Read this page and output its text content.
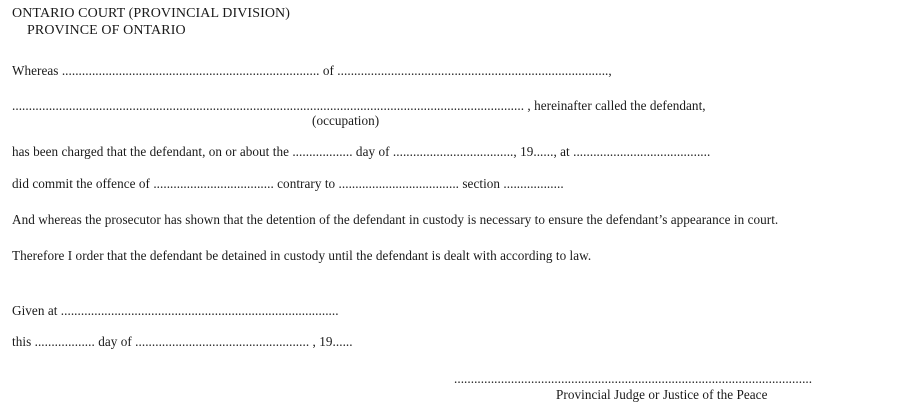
ONTARIO COURT (PROVINCIAL DIVISION)
PROVINCE OF ONTARIO
Whereas ............................................................................. of .................................................................................,
......................................................................................................................................................... , hereinafter called the defendant,
(occupation)
has been charged that the defendant, on or about the .................. day of ...................................., 19......, at .........................................
did commit the offence of .................................... contrary to .................................... section ..................
And whereas the prosecutor has shown that the detention of the defendant in custody is necessary to ensure the defendant’s appearance in court.
Therefore I order that the defendant be detained in custody until the defendant is dealt with according to law.
Given at ...................................................................................
this .................. day of .................................................... , 19......
...........................................................................................................
Provincial Judge or Justice of the Peace
